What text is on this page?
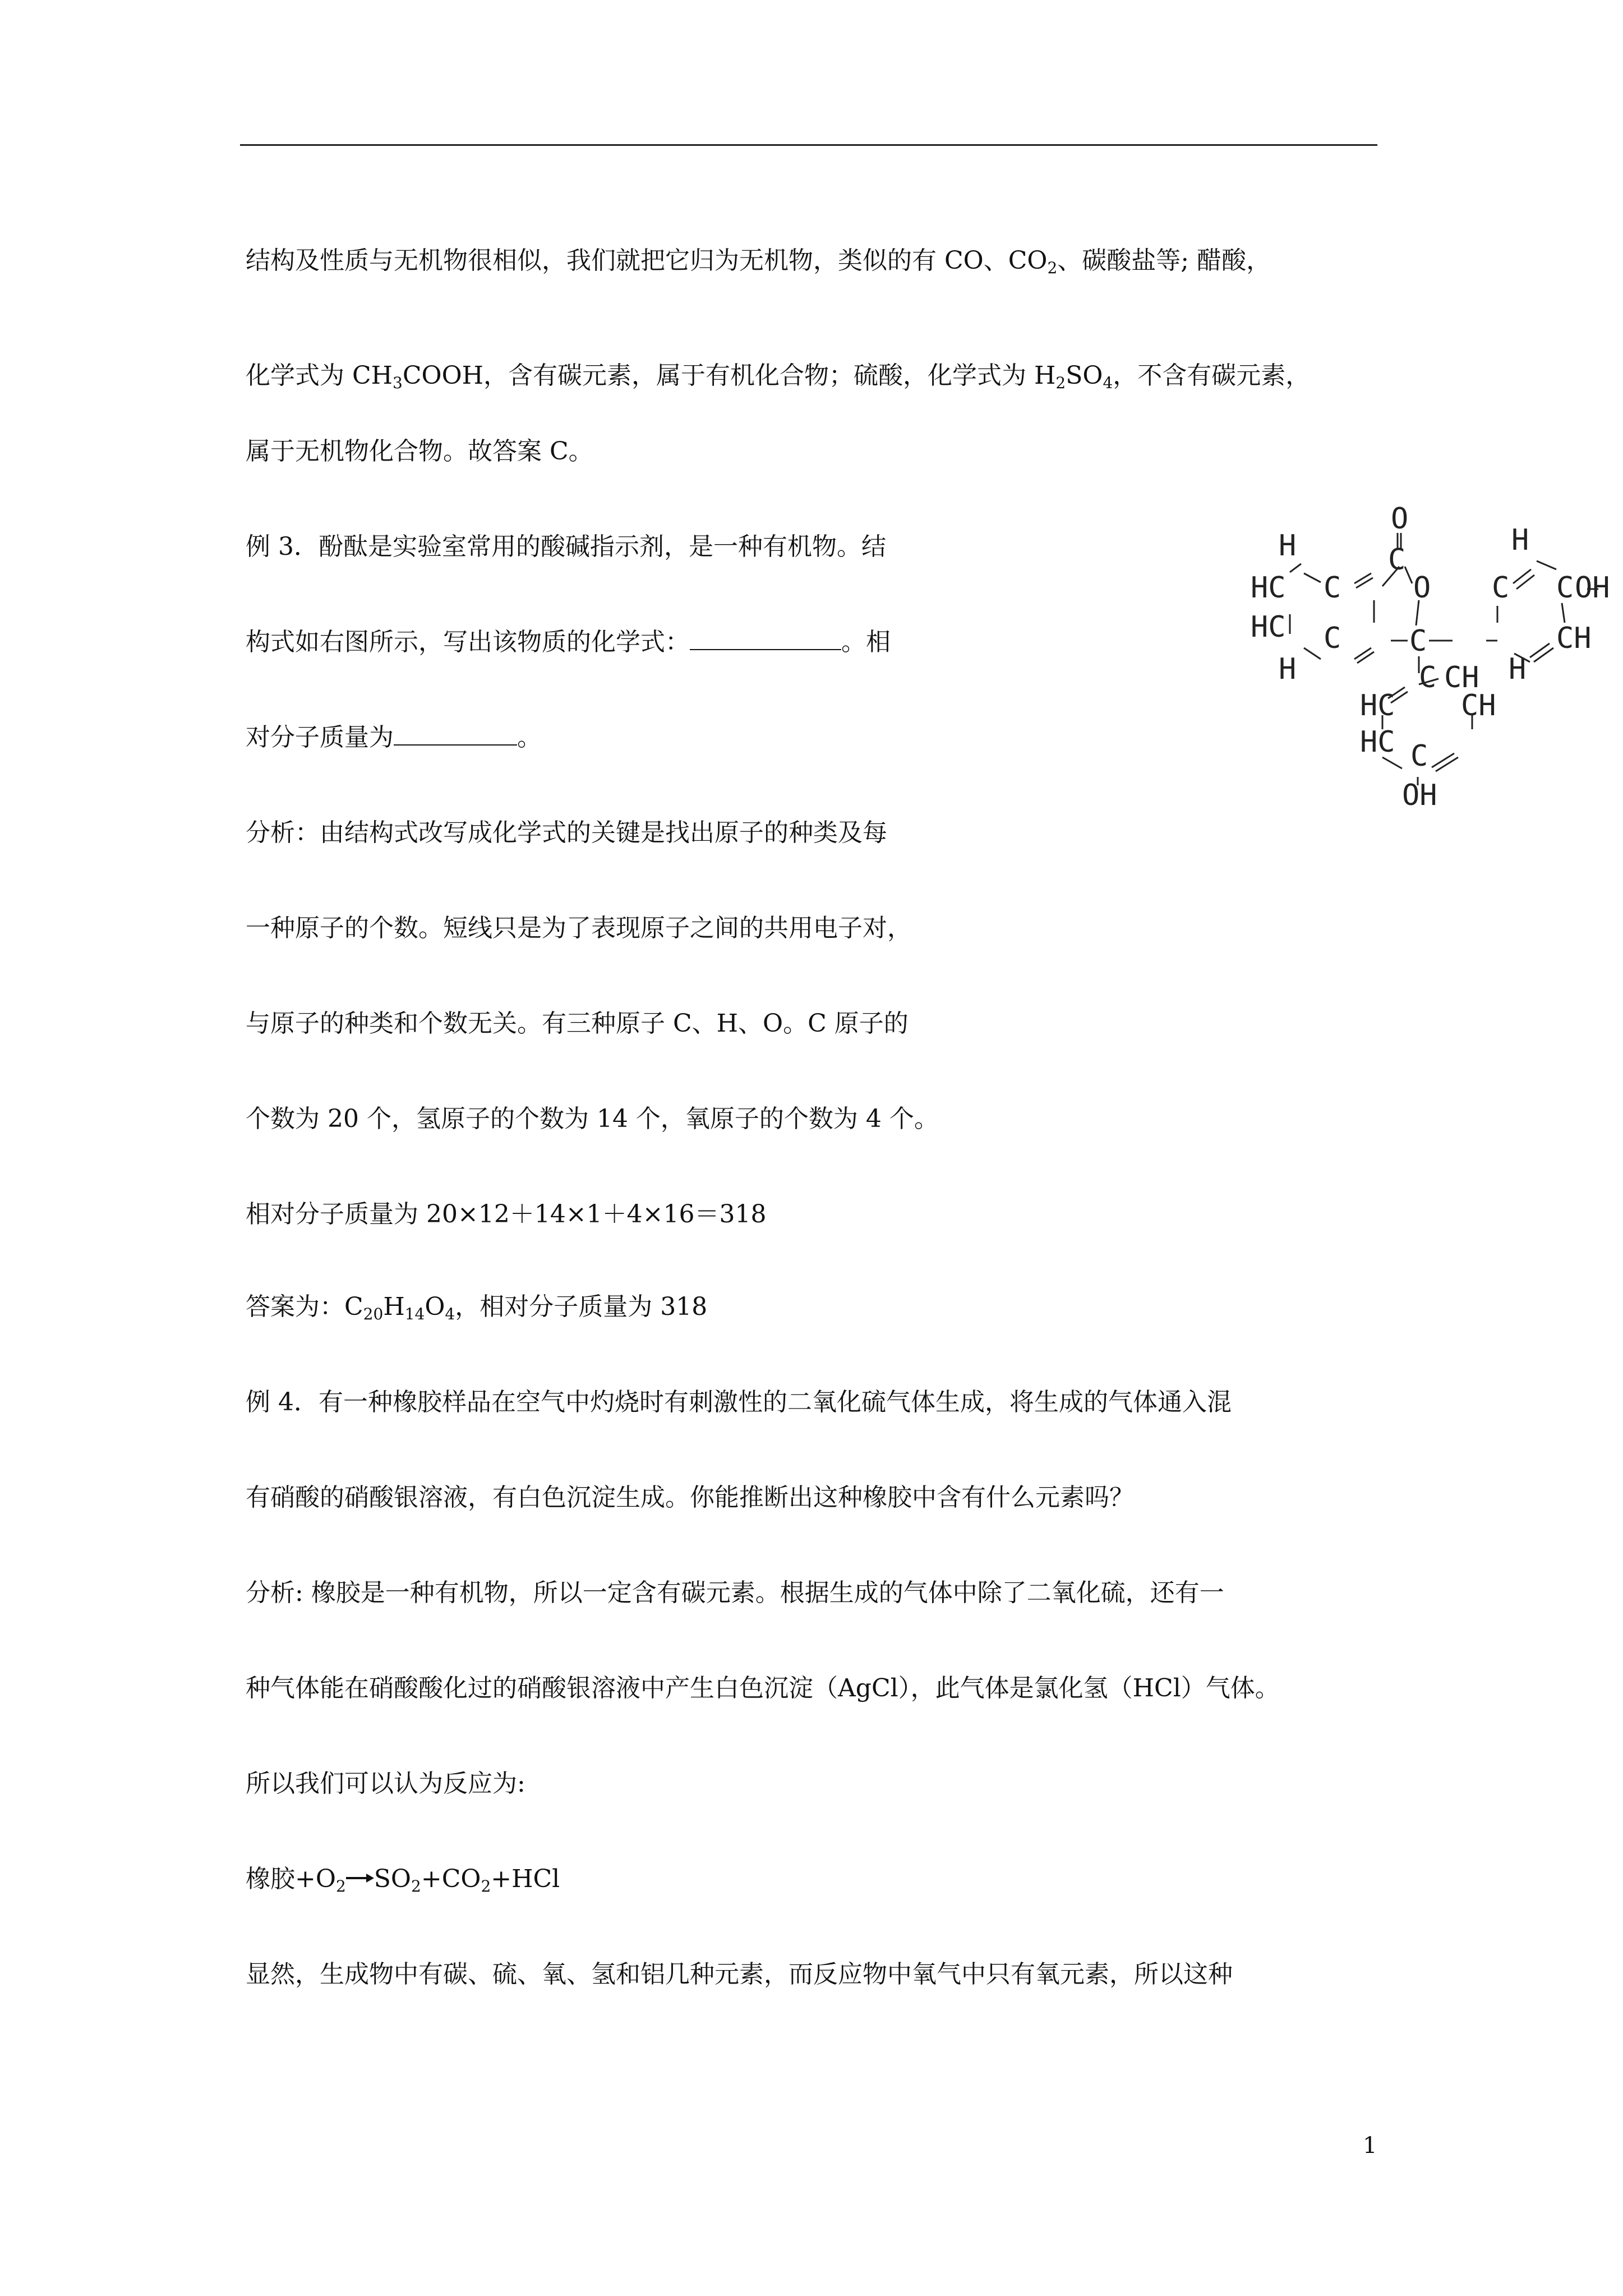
结构及性质与无机物很相似，我们就把它归为无机物，类似的有 CO、$CO_2$、碳酸盐等; 醋酸，

化学式为 $CH_3COOH$，含有碳元素，属于有机化合物；硫酸，化学式为 $H_2SO_4$，不含有碳元素，

属于无机物化合物。故答案 C。

例 3．酚酞是实验室常用的酸碱指示剂，是一种有机物。结

构式如右图所示，写出该物质的化学式：	。相

对分子质量为	。

分析：由结构式改写成化学式的关键是找出原子的种类及每

一种原子的个数。短线只是为了表现原子之间的共用电子对，

与原子的种类和个数无关。有三种原子 C、H、O。C 原子的

个数为 20 个，氢原子的个数为 14 个，氧原子的个数为 4 个。

相对分子质量为 20×12＋14×1＋4×16＝318

答案为：$C_{20}H_{14}O_4$，相对分子质量为 318

O
H
HC
HC
H
C
C
C
O
C
H
C C OH
CH
H
C CH
HC CH
HC C
OH

例 4．有一种橡胶样品在空气中灼烧时有刺激性的二氧化硫气体生成，将生成的气体通入混

有硝酸的硝酸银溶液，有白色沉淀生成。你能推断出这种橡胶中含有什么元素吗？

分析: 橡胶是一种有机物，所以一定含有碳元素。根据生成的气体中除了二氧化硫，还有一

种气体能在硝酸酸化过的硝酸银溶液中产生白色沉淀（AgCl），此气体是氯化氢（HCl）气体。

所以我们可以认为反应为:

橡胶$+O_2\to SO_2+CO_2+HCl$

显然，生成物中有碳、硫、氧、氢和铝几种元素，而反应物中氧气中只有氧元素，所以这种

1
